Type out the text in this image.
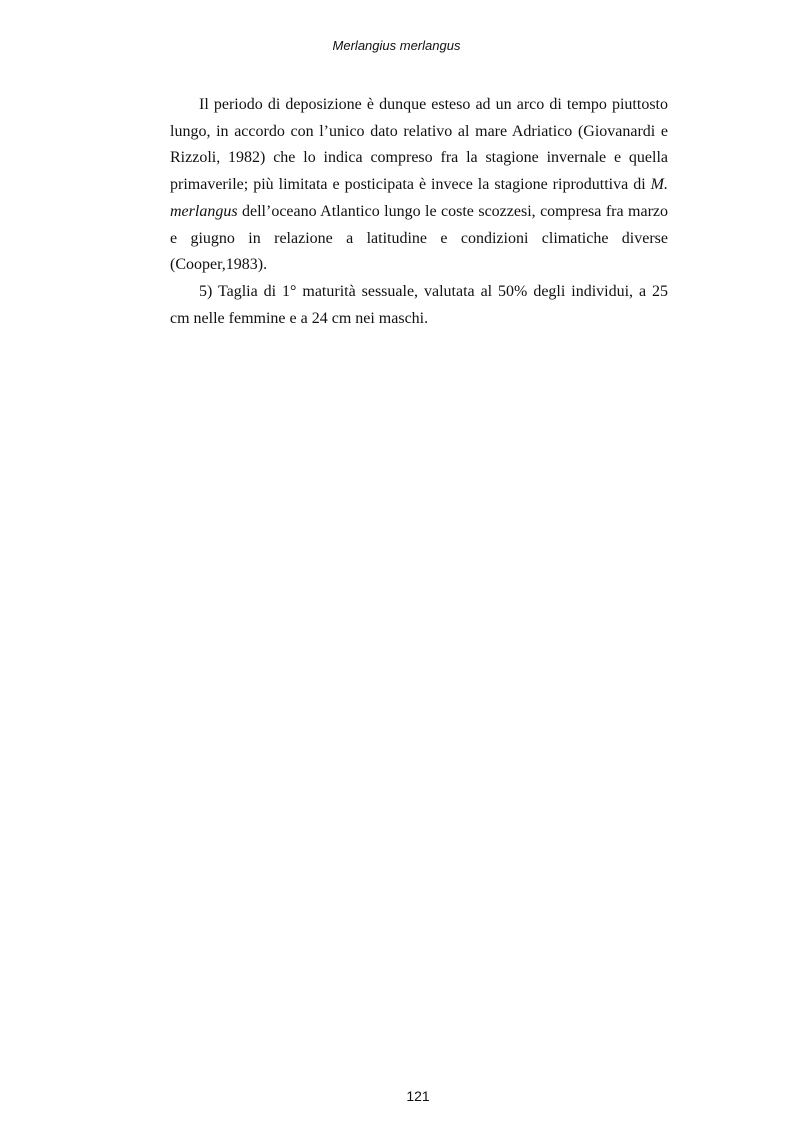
Merlangius merlangus

Il periodo di deposizione è dunque esteso ad un arco di tempo piuttosto lungo, in accordo con l’unico dato relativo al mare Adriatico (Giovanardi e Rizzoli, 1982) che lo indica compreso fra la stagione invernale e quella primaverile; più limitata e posticipata è invece la stagione riproduttiva di M. merlangus dell’oceano Atlantico lungo le coste scozzesi, compresa fra marzo e giugno in relazione a latitudine e condizioni climatiche diverse (Cooper,1983).

5) Taglia di 1° maturità sessuale, valutata al 50% degli individui, a 25 cm nelle femmine e a 24 cm nei maschi.

121
